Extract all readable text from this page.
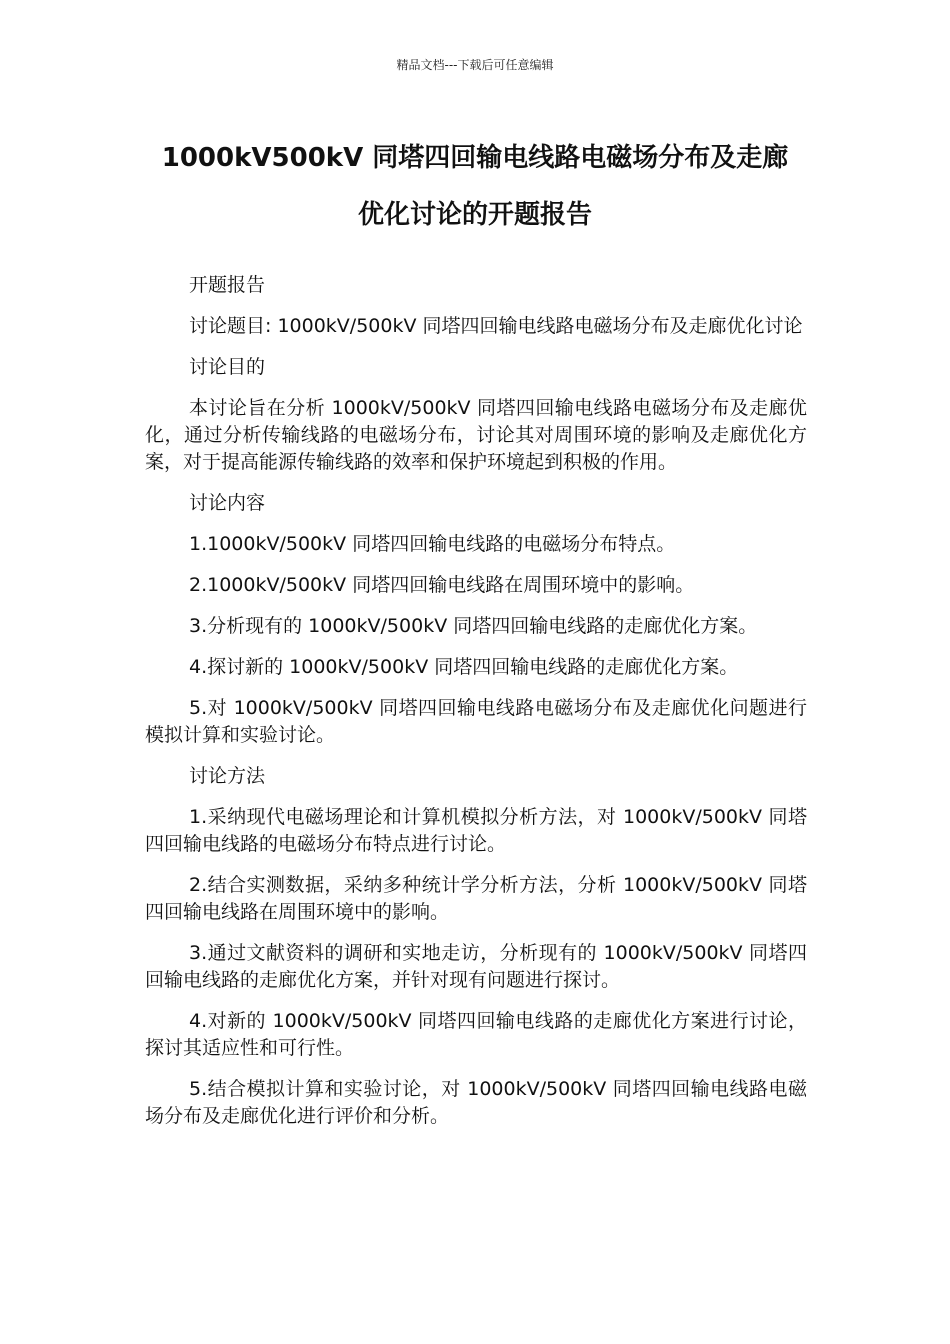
精品文档---下载后可任意编辑
1000kV500kV 同塔四回输电线路电磁场分布及走廊
优化讨论的开题报告

开题报告

讨论题目: 1000kV/500kV 同塔四回输电线路电磁场分布及走廊优化讨论

讨论目的

本讨论旨在分析 1000kV/500kV 同塔四回输电线路电磁场分布及走廊优化，通过分析传输线路的电磁场分布，讨论其对周围环境的影响及走廊优化方案，对于提高能源传输线路的效率和保护环境起到积极的作用。

讨论内容

1.1000kV/500kV 同塔四回输电线路的电磁场分布特点。

2.1000kV/500kV 同塔四回输电线路在周围环境中的影响。

3.分析现有的 1000kV/500kV 同塔四回输电线路的走廊优化方案。

4.探讨新的 1000kV/500kV 同塔四回输电线路的走廊优化方案。

5.对 1000kV/500kV 同塔四回输电线路电磁场分布及走廊优化问题进行模拟计算和实验讨论。

讨论方法

1.采纳现代电磁场理论和计算机模拟分析方法，对 1000kV/500kV 同塔四回输电线路的电磁场分布特点进行讨论。

2.结合实测数据，采纳多种统计学分析方法，分析 1000kV/500kV 同塔四回输电线路在周围环境中的影响。

3.通过文献资料的调研和实地走访，分析现有的 1000kV/500kV 同塔四回输电线路的走廊优化方案，并针对现有问题进行探讨。

4.对新的 1000kV/500kV 同塔四回输电线路的走廊优化方案进行讨论，探讨其适应性和可行性。

5.结合模拟计算和实验讨论，对 1000kV/500kV 同塔四回输电线路电磁场分布及走廊优化进行评价和分析。
